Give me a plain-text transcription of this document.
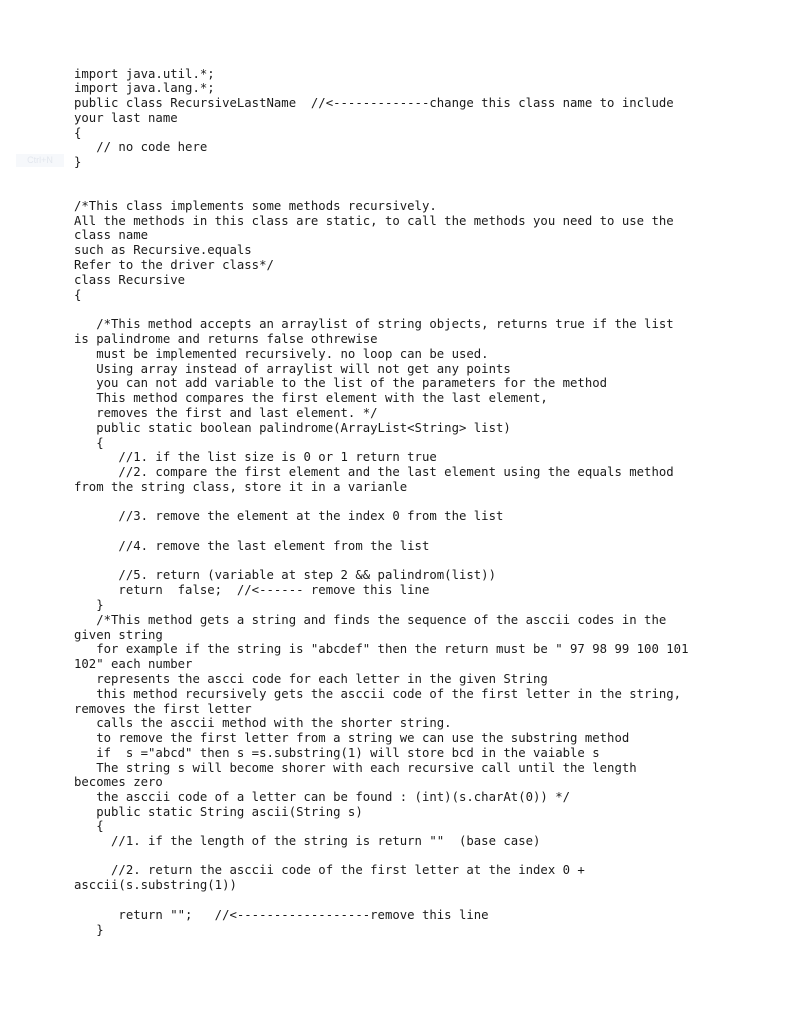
Ctrl+N
import java.util.*;
import java.lang.*;
public class RecursiveLastName  //<-------------change this class name to include
your last name
{
// no code here
}
/*This class implements some methods recursively.
All the methods in this class are static, to call the methods you need to use the
class name
such as Recursive.equals
Refer to the driver class*/
class Recursive
{
/*This method accepts an arraylist of string objects, returns true if the list
is palindrome and returns false othrewise
must be implemented recursively. no loop can be used.
Using array instead of arraylist will not get any points
you can not add variable to the list of the parameters for the method
This method compares the first element with the last element,
removes the first and last element. */
public static boolean palindrome(ArrayList<String> list)
{
//1. if the list size is 0 or 1 return true
//2. compare the first element and the last element using the equals method
from the string class, store it in a varianle
//3. remove the element at the index 0 from the list
//4. remove the last element from the list
//5. return (variable at step 2 && palindrom(list))
return  false;  //<------ remove this line
}
/*This method gets a string and finds the sequence of the asccii codes in the
given string
for example if the string is "abcdef" then the return must be " 97 98 99 100 101
102" each number
represents the ascci code for each letter in the given String
this method recursively gets the asccii code of the first letter in the string,
removes the first letter
calls the asccii method with the shorter string.
to remove the first letter from a string we can use the substring method
if  s ="abcd" then s =s.substring(1) will store bcd in the vaiable s
The string s will become shorer with each recursive call until the length
becomes zero
the asccii code of a letter can be found : (int)(s.charAt(0)) */
public static String ascii(String s)
{
//1. if the length of the string is return ""  (base case)
//2. return the asccii code of the first letter at the index 0 +
asccii(s.substring(1))
return "";   //<------------------remove this line
}
